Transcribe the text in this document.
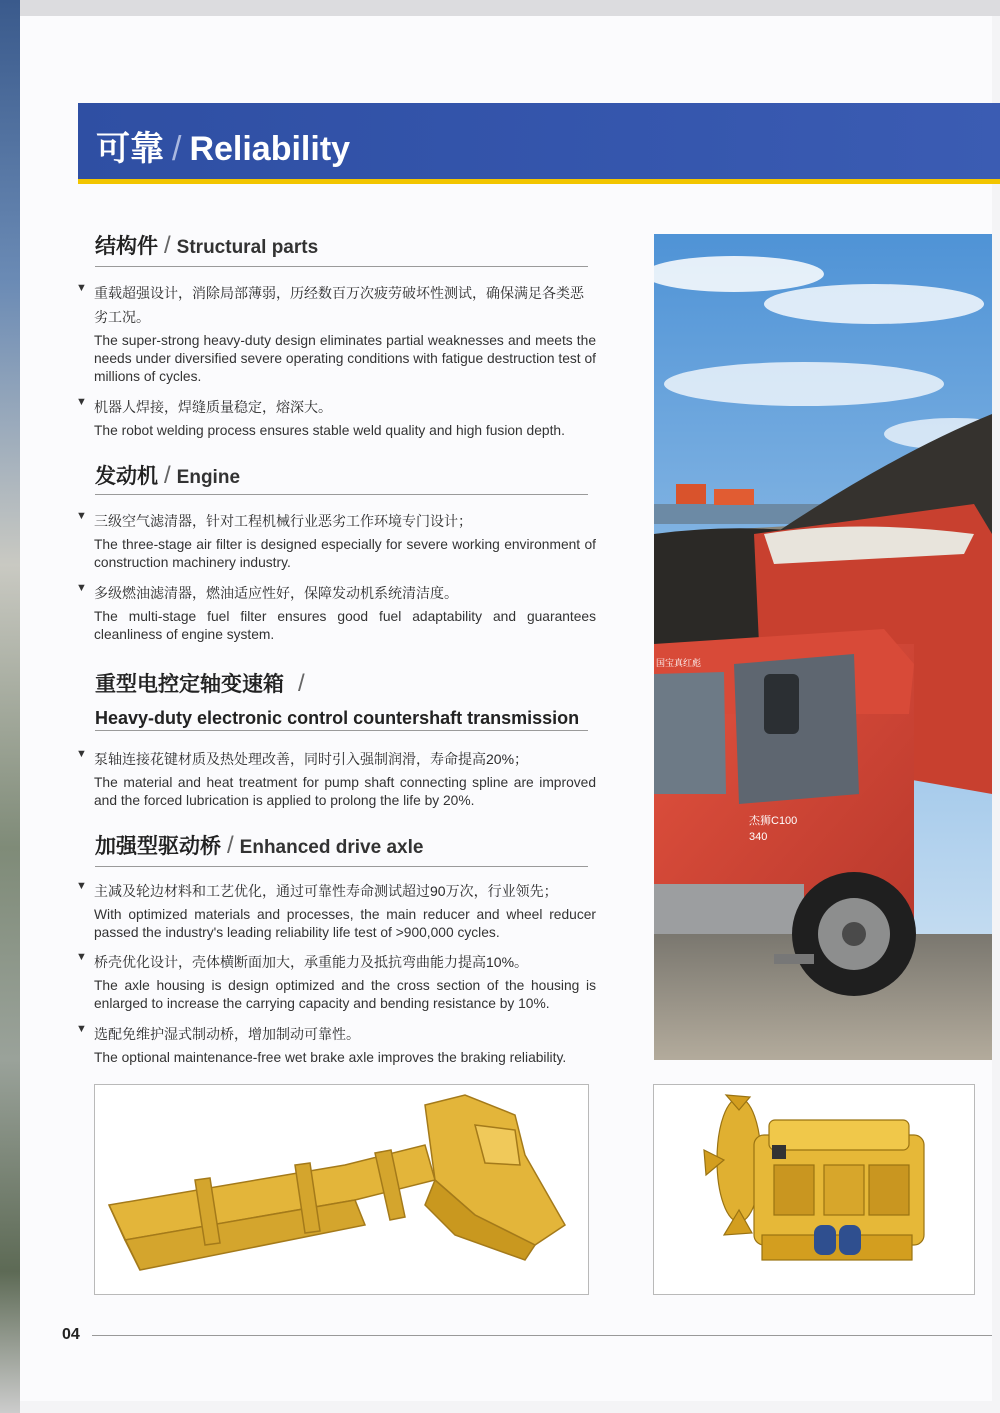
可靠 / Reliability
结构件 / Structural parts
▼ 重载超强设计，消除局部薄弱，历经数百万次疲劳破坏性测试，确保满足各类恶劣工况。
The super-strong heavy-duty design eliminates partial weaknesses and meets the needs under diversified severe operating conditions with fatigue destruction test of millions of cycles.
▼ 机器人焊接，焊缝质量稳定，熔深大。
The robot welding process ensures stable weld quality and high fusion depth.
发动机 / Engine
▼ 三级空气滤清器，针对工程机械行业恶劣工作环境专门设计；
The three-stage air filter is designed especially for severe working environment of construction machinery industry.
▼ 多级燃油滤清器，燃油适应性好，保障发动机系统清洁度。
The multi-stage fuel filter ensures good fuel adaptability and guarantees cleanliness of engine system.
重型电控定轴变速箱 /
Heavy-duty electronic control countershaft transmission
▼ 泵轴连接花键材质及热处理改善，同时引入强制润滑，寿命提高20%；
The material and heat treatment for pump shaft connecting spline are improved and the forced lubrication is applied to prolong the life by 20%.
加强型驱动桥 / Enhanced drive axle
▼ 主减及轮边材料和工艺优化，通过可靠性寿命测试超过90万次，行业领先；
With optimized materials and processes, the main reducer and wheel reducer passed the industry's leading reliability life test of >900,000 cycles.
▼ 桥壳优化设计，壳体横断面加大，承重能力及抵抗弯曲能力提高10%。
The axle housing is design optimized and the cross section of the housing is enlarged to increase the carrying capacity and bending resistance by 10%.
▼ 选配免维护湿式制动桥，增加制动可靠性。
The optional maintenance-free wet brake axle improves the braking reliability.
国宝真红彪
杰狮C100
340
04
